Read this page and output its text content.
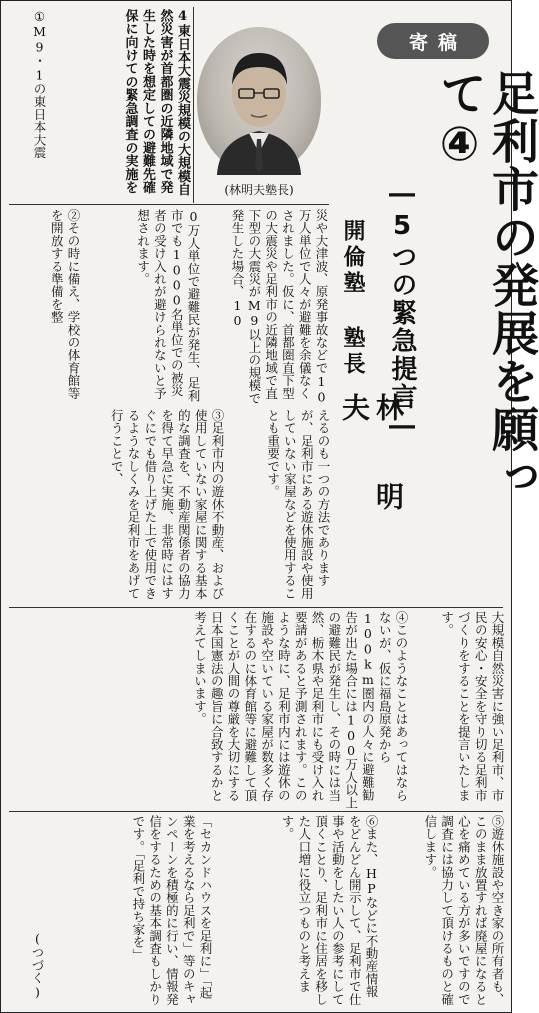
寄稿
足利市の発展を願って④
―5つの緊急提言―
開倫塾 塾長
林 明 夫
(林明夫塾長)
4東日本大震災規模の大規模自然災害が首都圏の近隣地域で発生した時を想定しての避難先確保に向けての緊急調査の実施を
①M9・1の東日本大震
災や大津波、原発事故などで10万人単位で人々が避難を余儀なくされました。仮に、首都圏直下型の大震災や足利市の近隣地域で直下型の大震災がM9以上の規模で発生した場合、10
0万人単位で避難民が発生、足利市でも1000名単位での被災者の受け入れが避けられないと予想されます。
②その時に備え、学校の体育館等を開放する準備を整
えるのも一つの方法でありますが、足利市にある遊休施設や使用していない家屋などを使用することも重要です。
③足利市内の遊休不動産、および使用していない家屋に関する基本的な調査を、不動産関係者の協力を得て早急に実施、非常時にはすぐにでも借り上げた上で使用できるようなしくみを足利市をあげて行うことで、
大規模自然災害に強い足利市、市民の安心・安全を守り切る足利市づくりをすることを提言いたします。
④このようなことはあってはならないが、仮に福島原発から100km圏内の人々に避難勧告が出た場合には100万人以上の避難民が発生し、その時には当然、栃木県や足利市にも受け入れ要請があると予測されます。このような時に、足利市内には遊休の施設や空いている家屋が数多く存在するのに体育館等に避難して頂くことが人間の尊厳を大切にする日本国憲法の趣旨に合致するかと考えてしまいます。
⑤遊休施設や空き家の所有者も、このまま放置すれば廃屋になると心を痛めている方が多いですので調査には協力して頂けるものと確信します。
⑥また、HPなどに不動産情報をどんどん開示して、足利市で仕事や活動をしたい人の参考にして頂くことり、足利市に住居を移した人口増に役立つものと考えます。
「セカンドハウスを足利に」「起業を考えるなら足利で」等のキャンペーンを積極的に行い、情報発信をするための基本調査もしかりです。「足利で持ち家を」
(つづく)
